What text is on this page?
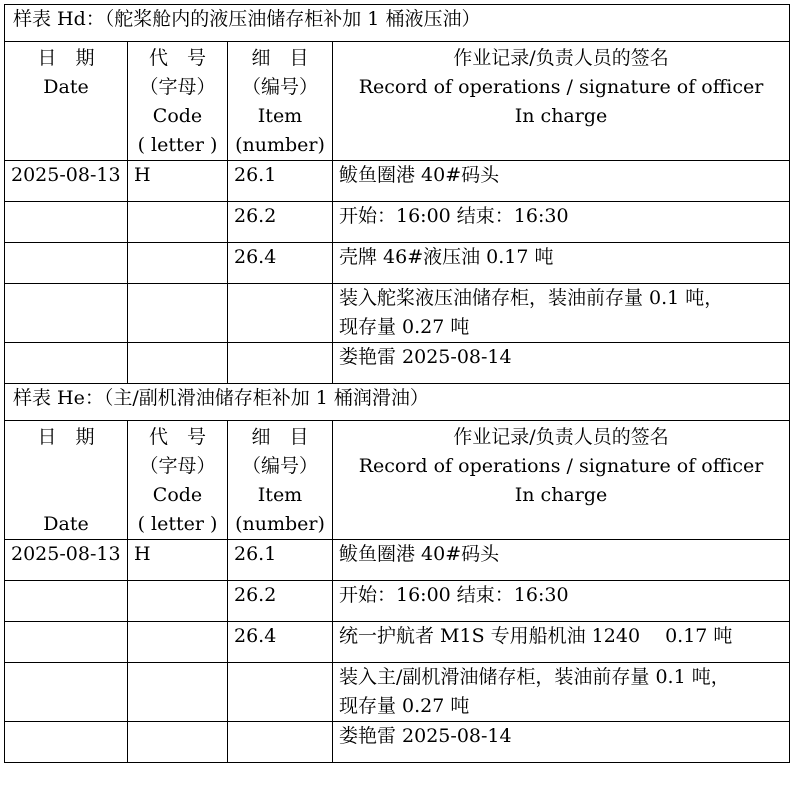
样表 Hd：（舵桨舱内的液压油储存柜补加 1 桶液压油）			

日　期
Date	代　号
（字母）
Code
( letter )	细　目
（编号）
Item
(number)	作业记录/负责人员的签名
Record of operations / signature of officer
In charge

2025-08-13	H	26.1	鲅鱼圈港 40#码头
		26.2	开始：16:00 结束：16:30
		26.4	壳牌 46#液压油 0.17 吨

			装入舵桨液压油储存柜，装油前存量 0.1 吨，
现存量 0.27 吨

			娄艳雷 2025-08-14
样表 He：（主/副机滑油储存柜补加 1 桶润滑油）			

日　期
Date	代　号
（字母）
Code
( letter )	细　目
（编号）
Item
(number)	作业记录/负责人员的签名
Record of operations / signature of officer
In charge

2025-08-13	H	26.1	鲅鱼圈港 40#码头
		26.2	开始：16:00 结束：16:30
		26.4	统一护航者 M1S 专用船机油 1240　 0.17 吨

			装入主/副机滑油储存柜，装油前存量 0.1 吨，
现存量 0.27 吨

			娄艳雷 2025-08-14
